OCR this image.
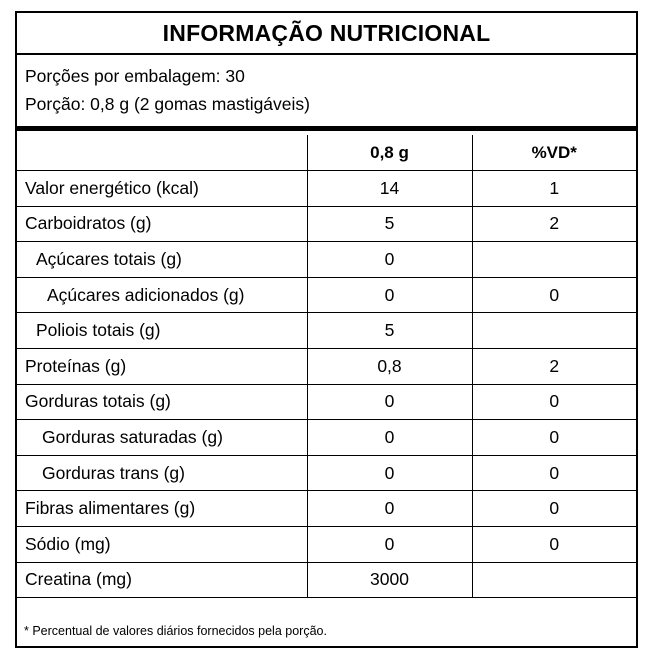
INFORMAÇÃO NUTRICIONAL
Porções por embalagem: 30
Porção: 0,8 g (2 gomas mastigáveis)
	0,8 g	%VD*
Valor energético (kcal)	14	1
Carboidratos (g)	5	2
Açúcares totais (g)	0	
Açúcares adicionados (g)	0	0
Poliois totais (g)	5	
Proteínas (g)	0,8	2
Gorduras totais (g)	0	0
Gorduras saturadas (g)	0	0
Gorduras trans (g)	0	0
Fibras alimentares (g)	0	0
Sódio (mg)	0	0
Creatina (mg)	3000	
* Percentual de valores diários fornecidos pela porção.
